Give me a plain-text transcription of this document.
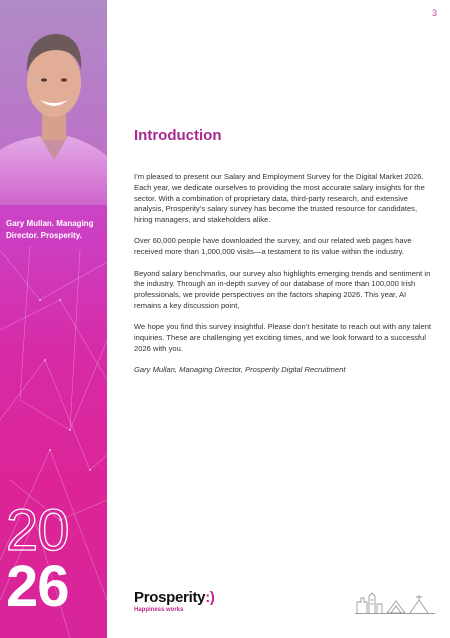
Gary Mullan. Managing Director. Prosperity.
20
26
3
Introduction

I’m pleased to present our Salary and Employment Survey for the Digital Market 2026. Each year, we dedicate ourselves to providing the most accurate salary insights for the sector. With a combination of proprietary data, third-party research, and extensive analysis, Prosperity’s salary survey has become the trusted resource for candidates, hiring managers, and stakeholders alike.

Over 60,000 people have downloaded the survey, and our related web pages have received more than 1,000,000 visits—a testament to its value within the industry.

Beyond salary benchmarks, our survey also highlights emerging trends and sentiment in the industry. Through an in-depth survey of our database of more than 100,000 Irish professionals, we provide perspectives on the factors shaping 2026. This year, AI remains a key discussion point,

We hope you find this survey insightful. Please don’t hesitate to reach out with any talent inquiries. These are challenging yet exciting times, and we look forward to a successful 2026 with you.

Gary Mullan, Managing Director, Prosperity Digital Recruitment

Prosperity:)
Happiness works
